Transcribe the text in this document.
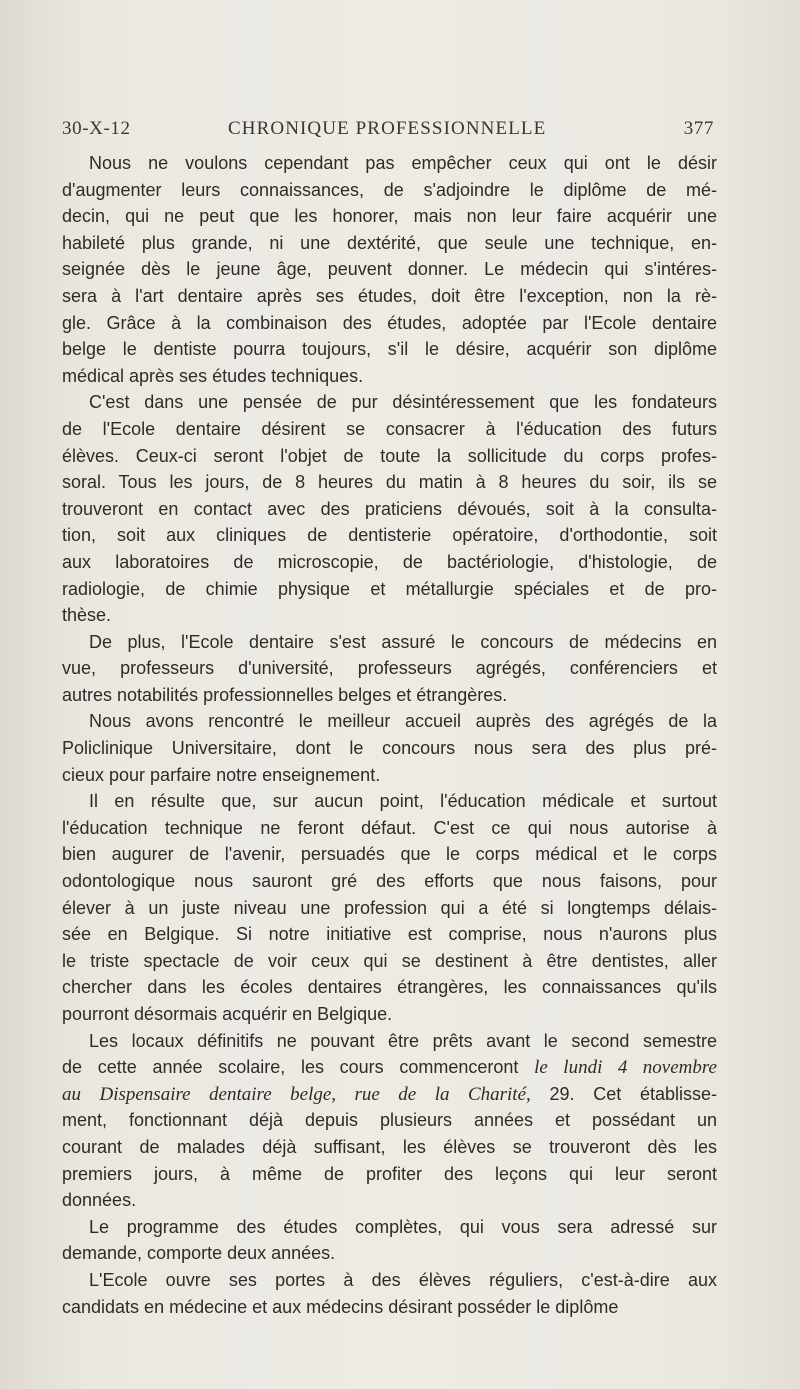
30-X-12	CHRONIQUE PROFESSIONNELLE	377
Nous ne voulons cependant pas empêcher ceux qui ont le désir
d'augmenter leurs connaissances, de s'adjoindre le diplôme de mé-
decin, qui ne peut que les honorer, mais non leur faire acquérir une
habileté plus grande, ni une dextérité, que seule une technique, en-
seignée dès le jeune âge, peuvent donner. Le médecin qui s'intéres-
sera à l'art dentaire après ses études, doit être l'exception, non la rè-
gle. Grâce à la combinaison des études, adoptée par l'Ecole dentaire
belge le dentiste pourra toujours, s'il le désire, acquérir son diplôme
médical après ses études techniques.
C'est dans une pensée de pur désintéressement que les fondateurs
de l'Ecole dentaire désirent se consacrer à l'éducation des futurs
élèves. Ceux-ci seront l'objet de toute la sollicitude du corps profes-
soral. Tous les jours, de 8 heures du matin à 8 heures du soir, ils se
trouveront en contact avec des praticiens dévoués, soit à la consulta-
tion, soit aux cliniques de dentisterie opératoire, d'orthodontie, soit
aux laboratoires de microscopie, de bactériologie, d'histologie, de
radiologie, de chimie physique et métallurgie spéciales et de pro-
thèse.
De plus, l'Ecole dentaire s'est assuré le concours de médecins en
vue, professeurs d'université, professeurs agrégés, conférenciers et
autres notabilités professionnelles belges et étrangères.
Nous avons rencontré le meilleur accueil auprès des agrégés de la
Policlinique Universitaire, dont le concours nous sera des plus pré-
cieux pour parfaire notre enseignement.
Il en résulte que, sur aucun point, l'éducation médicale et surtout
l'éducation technique ne feront défaut. C'est ce qui nous autorise à
bien augurer de l'avenir, persuadés que le corps médical et le corps
odontologique nous sauront gré des efforts que nous faisons, pour
élever à un juste niveau une profession qui a été si longtemps délais-
sée en Belgique. Si notre initiative est comprise, nous n'aurons plus
le triste spectacle de voir ceux qui se destinent à être dentistes, aller
chercher dans les écoles dentaires étrangères, les connaissances qu'ils
pourront désormais acquérir en Belgique.
Les locaux définitifs ne pouvant être prêts avant le second semestre
de cette année scolaire, les cours commenceront le lundi 4 novembre
au Dispensaire dentaire belge, rue de la Charité, 29. Cet établisse-
ment, fonctionnant déjà depuis plusieurs années et possédant un
courant de malades déjà suffisant, les élèves se trouveront dès les
premiers jours, à même de profiter des leçons qui leur seront
données.
Le programme des études complètes, qui vous sera adressé sur
demande, comporte deux années.
L'Ecole ouvre ses portes à des élèves réguliers, c'est-à-dire aux
candidats en médecine et aux médecins désirant posséder le diplôme
